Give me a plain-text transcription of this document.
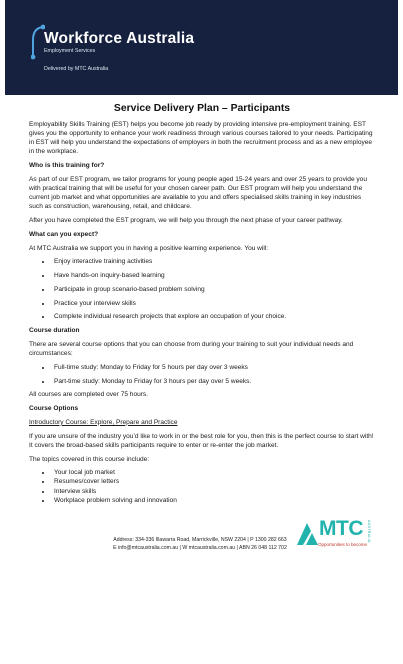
Workforce Australia
Employment Services
Delivered by MTC Australia
Service Delivery Plan – Participants

Employability Skills Training (EST) helps you become job ready by providing intensive pre-employment training. EST gives you the opportunity to enhance your work readiness through various courses tailored to your needs. Participating in EST will help you understand the expectations of employers in both the recruitment process and as a new employee in the workplace.

Who is this training for?

As part of our EST program, we tailor programs for young people aged 15-24 years and over 25 years to provide you with practical training that will be useful for your chosen career path. Our EST program will help you understand the current job market and what opportunities are available to you and offers specialised skills training in key industries such as construction, warehousing, retail, and childcare.

After you have completed the EST program, we will help you through the next phase of your career pathway.

What can you expect?

At MTC Australia we support you in having a positive learning experience. You will:

• Enjoy interactive training activities
• Have hands-on inquiry-based learning
• Participate in group scenario-based problem solving
• Practice your interview skills
• Complete individual research projects that explore an occupation of your choice.
Course duration

There are several course options that you can choose from during your training to suit your individual needs and circumstances:

• Full-time study: Monday to Friday for 5 hours per day over 3 weeks
• Part-time study: Monday to Friday for 3 hours per day over 5 weeks.

All courses are completed over 75 hours.

Course Options
Introductory Course: Explore, Prepare and Practice

If you are unsure of the industry you’d like to work in or the best role for you, then this is the perfect course to start with! It covers the broad-based skills participants require to enter or re-enter the job market.

The topics covered in this course include:

• Your local job market
• Resumes/cover letters
• Interview skills
• Workplace problem solving and innovation
Address: 334-336 Illawarra Road, Marrickville, NSW 2204 | P 1300 282 663
E info@mtcaustralia.com.au | W mtcaustralia.com.au | ABN 26 048 112 702
MTC AUSTRALIA
Opportunities to become
